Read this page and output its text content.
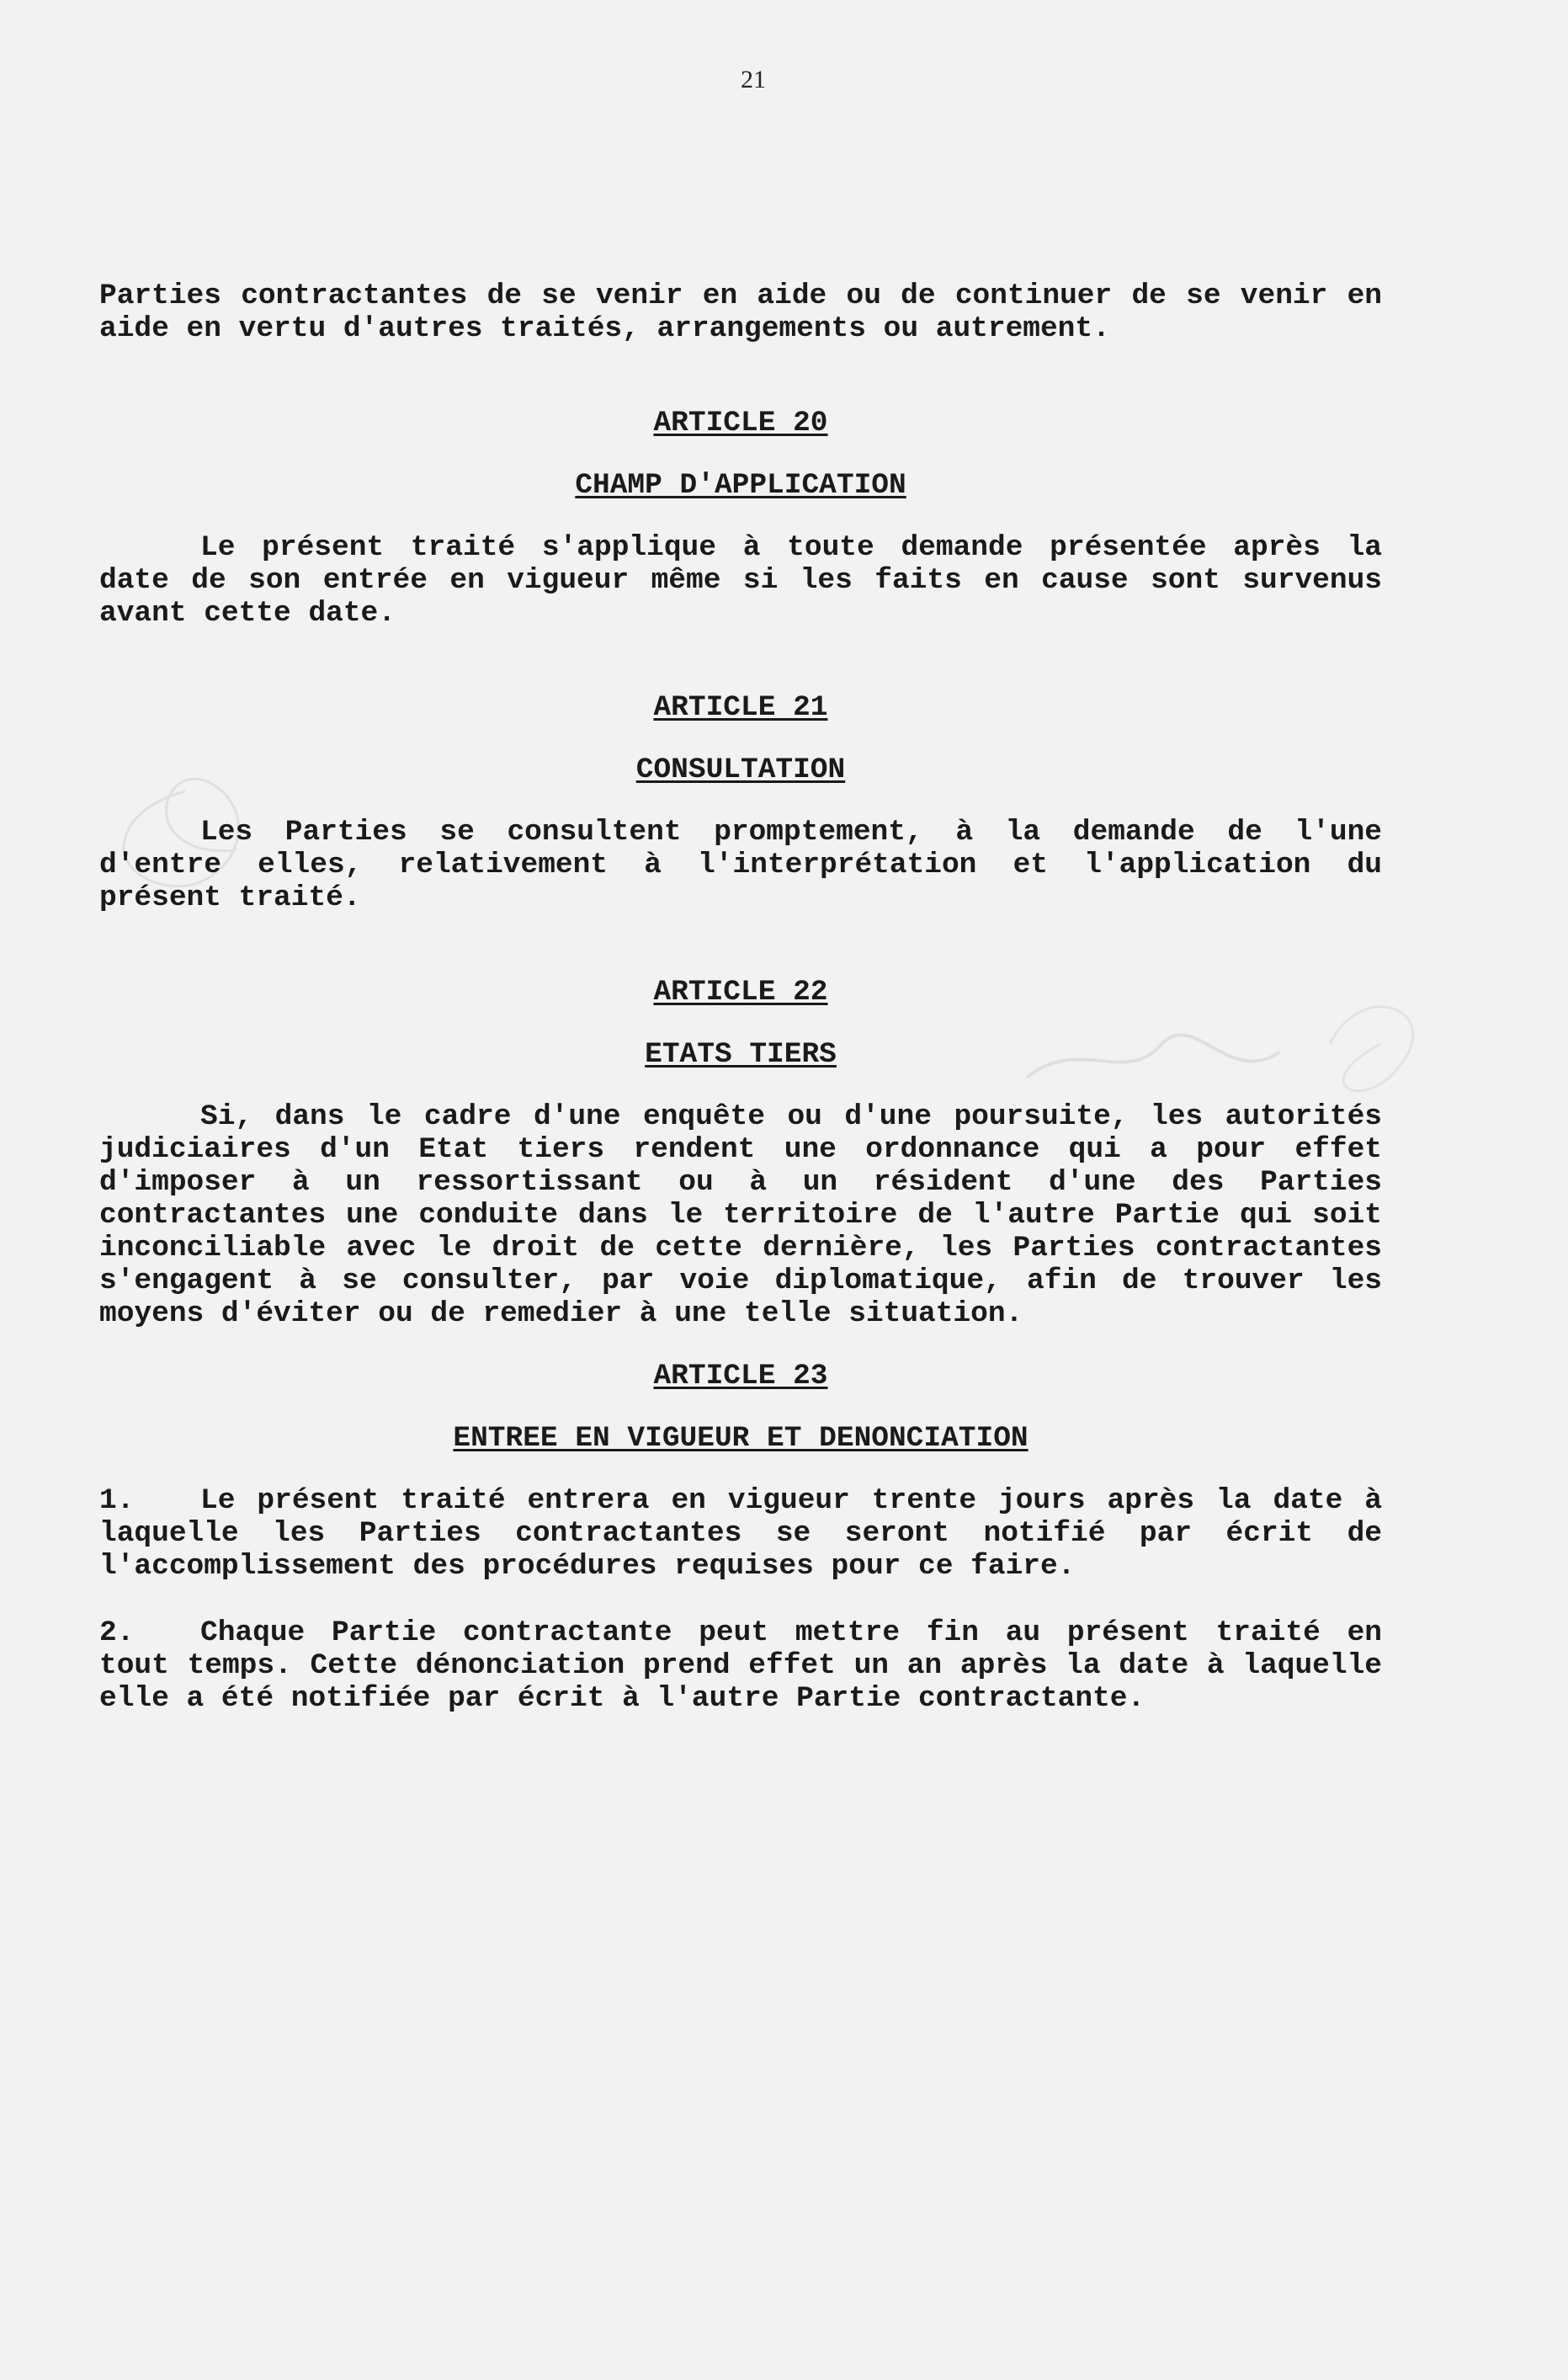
21

Parties contractantes de se venir en aide ou de continuer de se venir en aide en vertu d'autres traités, arrangements ou autrement.

ARTICLE 20

CHAMP D'APPLICATION

Le présent traité s'applique à toute demande présentée après la date de son entrée en vigueur même si les faits en cause sont survenus avant cette date.

ARTICLE 21

CONSULTATION

Les Parties se consultent promptement, à la demande de l'une d'entre elles, relativement à l'interprétation et l'application du présent traité.

ARTICLE 22

ETATS TIERS

Si, dans le cadre d'une enquête ou d'une poursuite, les autorités judiciaires d'un Etat tiers rendent une ordonnance qui a pour effet d'imposer à un ressortissant ou à un résident d'une des Parties contractantes une conduite dans le territoire de l'autre Partie qui soit inconciliable avec le droit de cette dernière, les Parties contractantes s'engagent à se consulter, par voie diplomatique, afin de trouver les moyens d'éviter ou de remedier à une telle situation.

ARTICLE 23

ENTREE EN VIGUEUR ET DENONCIATION

1. Le présent traité entrera en vigueur trente jours après la date à laquelle les Parties contractantes se seront notifié par écrit de l'accomplissement des procédures requises pour ce faire.

2. Chaque Partie contractante peut mettre fin au présent traité en tout temps. Cette dénonciation prend effet un an après la date à laquelle elle a été notifiée par écrit à l'autre Partie contractante.
